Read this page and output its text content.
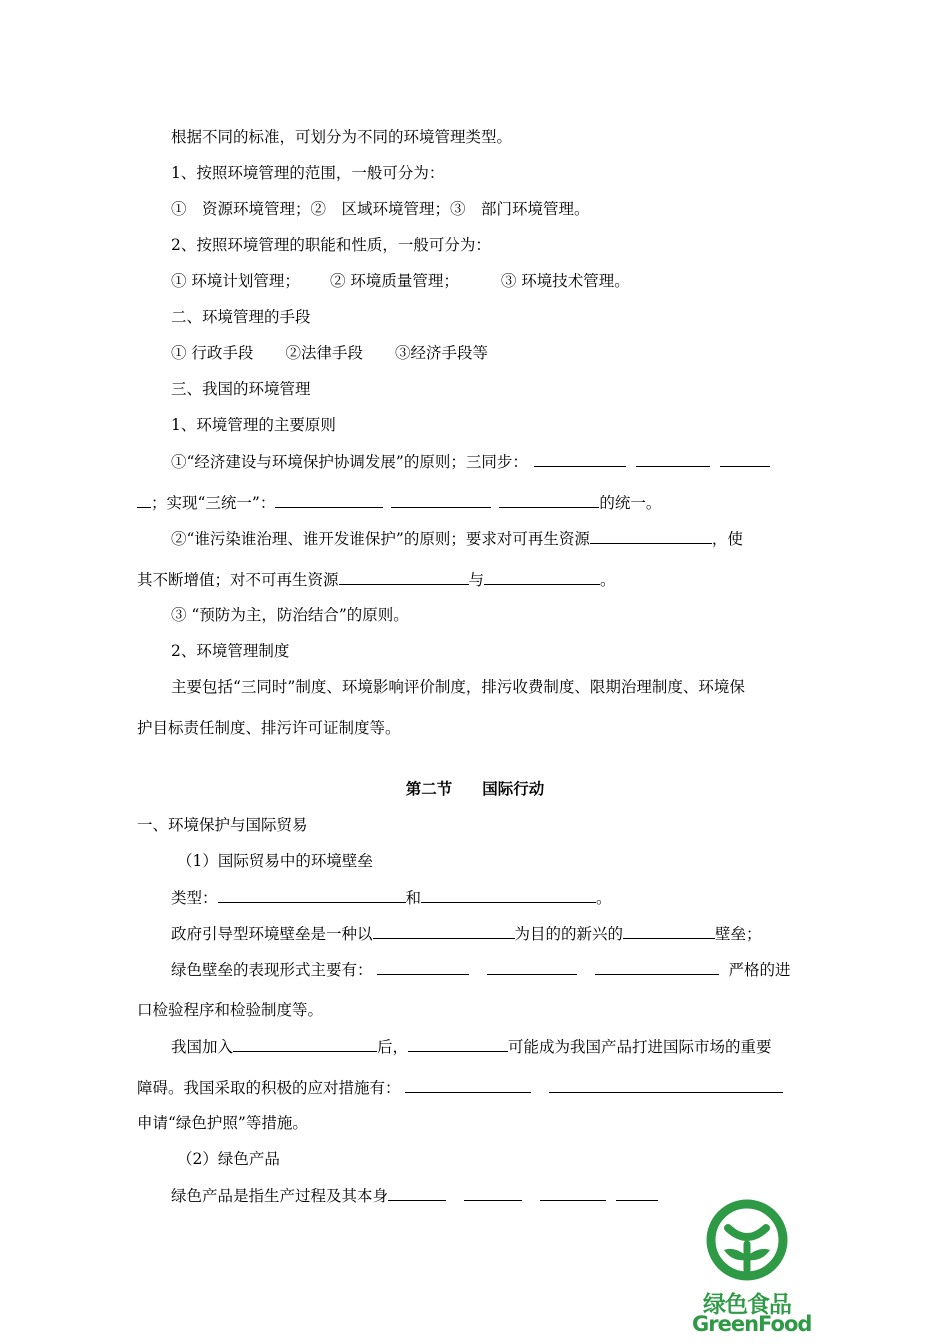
根据不同的标准，可划分为不同的环境管理类型。
1、按照环境管理的范围，一般可分为：
①　资源环境管理；②　区域环境管理；③　部门环境管理。
2、按照环境管理的职能和性质，一般可分为：
① 环境计划管理； ② 环境质量管理；	③ 环境技术管理。
二、环境管理的手段
① 行政手段 ②法律手段 ③经济手段等
三、我国的环境管理
1、环境管理的主要原则
①“经济建设与环境保护协调发展”的原则；三同步：
；实现“三统一”：	的统一。
②“谁污染谁治理、谁开发谁保护”的原则；要求对可再生资源	，使
其不断增值；对不可再生资源	与	。
③ “预防为主，防治结合”的原则。
2、环境管理制度
主要包括“三同时”制度、环境影响评价制度，排污收费制度、限期治理制度、环境保
护目标责任制度、排污许可证制度等。
第二节 国际行动
一、环境保护与国际贸易
（1）国际贸易中的环境壁垒
类型：	和	。
政府引导型环境壁垒是一种以	为目的的新兴的	壁垒；
绿色壁垒的表现形式主要有：	严格的进
口检验程序和检验制度等。
我国加入	后，	可能成为我国产品打进国际市场的重要
障碍。我国采取的积极的应对措施有：
申请“绿色护照”等措施。
（2）绿色产品
绿色产品是指生产过程及其本身
绿色食品
GreenFood
